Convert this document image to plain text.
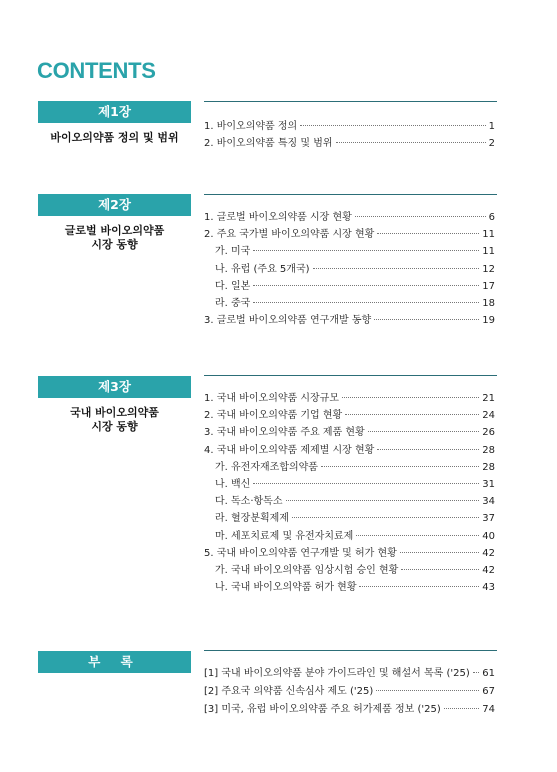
CONTENTS
제1장
바이오의약품 정의 및 범위
1. 바이오의약품 정의	1
2. 바이오의약품 특징 및 범위	2
제2장
글로벌 바이오의약품
시장 동향
1. 글로벌 바이오의약품 시장 현황	6
2. 주요 국가별 바이오의약품 시장 현황	11
가. 미국	11
나. 유럽 (주요 5개국)	12
다. 일본	17
라. 중국	18
3. 글로벌 바이오의약품 연구개발 동향	19
제3장
국내 바이오의약품
시장 동향
1. 국내 바이오의약품 시장규모	21
2. 국내 바이오의약품 기업 현황	24
3. 국내 바이오의약품 주요 제품 현황	26
4. 국내 바이오의약품 제제별 시장 현황	28
가. 유전자재조합의약품	28
나. 백신	31
다. 독소·항독소	34
라. 혈장분획제제	37
마. 세포치료제 및 유전자치료제	40
5. 국내 바이오의약품 연구개발 및 허가 현황	42
가. 국내 바이오의약품 임상시험 승인 현황	42
나. 국내 바이오의약품 허가 현황	43
부 록
[1] 국내 바이오의약품 분야 가이드라인 및 해설서 목록 ('25) 61
[2] 주요국 의약품 신속심사 제도 ('25)	67
[3] 미국, 유럽 바이오의약품 주요 허가제품 정보 ('25)	74
